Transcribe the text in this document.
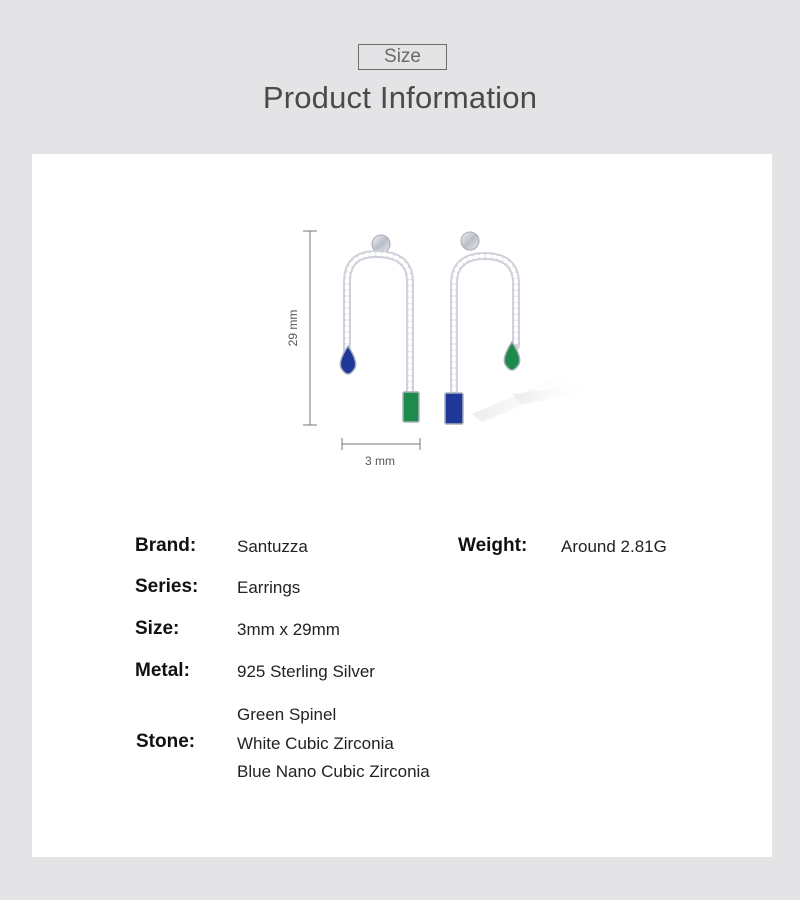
Size
Product Information
29 mm
3 mm
Brand: Santuzza	Weight: Around 2.81G
Series: Earrings
Size:	3mm x 29mm
Metal:	925 Sterling Silver
Stone:
Green Spinel
White Cubic Zirconia
Blue Nano Cubic Zirconia
